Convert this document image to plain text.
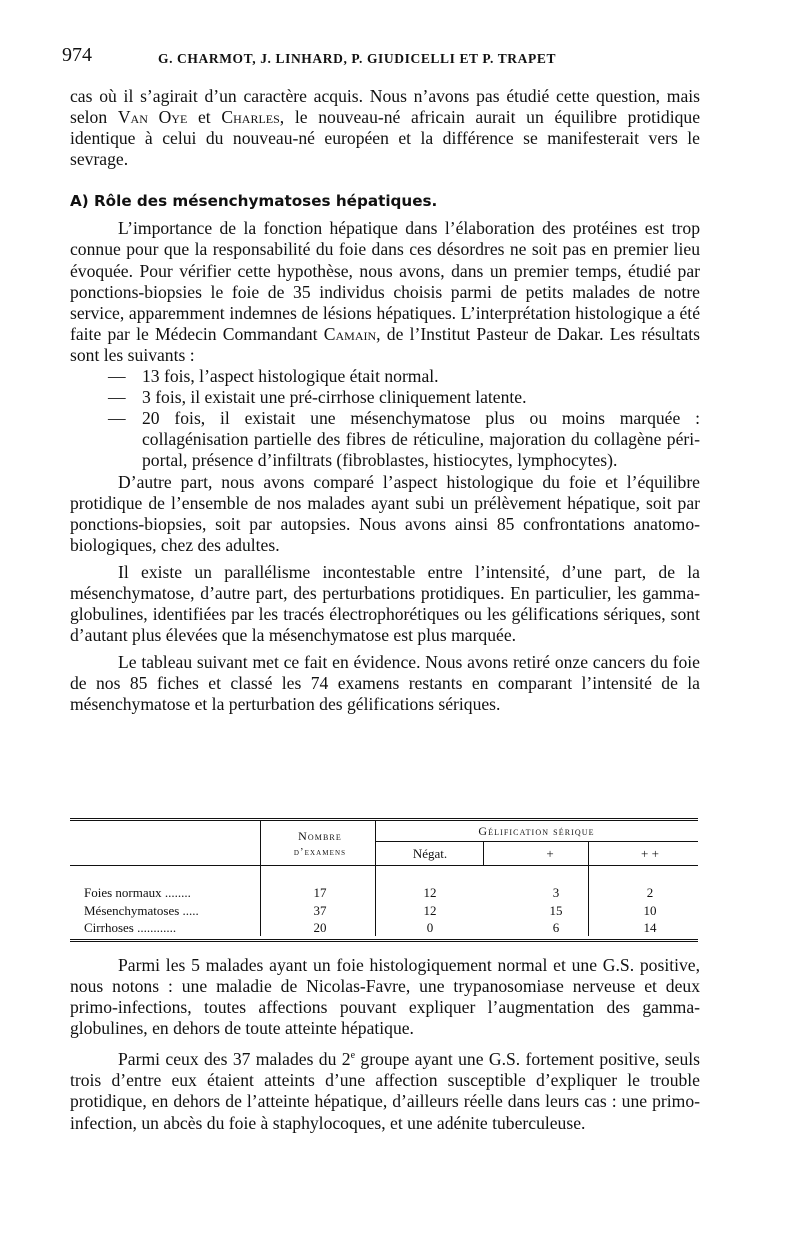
974	G. CHARMOT, J. LINHARD, P. GIUDICELLI ET P. TRAPET

cas où il s’agirait d’un caractère acquis. Nous n’avons pas étudié cette question, mais selon Van Oye et Charles, le nouveau-né africain aurait un équilibre protidique identique à celui du nouveau-né européen et la différence se manifesterait vers le sevrage.

A) Rôle des mésenchymatoses hépatiques.

L’importance de la fonction hépatique dans l’élaboration des protéines est trop connue pour que la responsabilité du foie dans ces désordres ne soit pas en premier lieu évoquée. Pour vérifier cette hypothèse, nous avons, dans un premier temps, étudié par ponctions-biopsies le foie de 35 individus choisis parmi de petits malades de notre service, apparemment indemnes de lésions hépatiques. L’interprétation histologique a été faite par le Médecin Commandant Camain, de l’Institut Pasteur de Dakar. Les résultats sont les suivants :

— 13 fois, l’aspect histologique était normal.

— 3 fois, il existait une pré-cirrhose cliniquement latente.

— 20 fois, il existait une mésenchymatose plus ou moins marquée : collagénisation partielle des fibres de réticuline, majoration du collagène péri-portal, présence d’infiltrats (fibroblastes, histiocytes, lymphocytes).

D’autre part, nous avons comparé l’aspect histologique du foie et l’équilibre protidique de l’ensemble de nos malades ayant subi un prélèvement hépatique, soit par ponctions-biopsies, soit par autopsies. Nous avons ainsi 85 confrontations anatomo-biologiques, chez des adultes.

Il existe un parallélisme incontestable entre l’intensité, d’une part, de la mésenchymatose, d’autre part, des perturbations protidiques. En particulier, les gamma-globulines, identifiées par les tracés électrophorétiques ou les gélifications sériques, sont d’autant plus élevées que la mésenchymatose est plus marquée.

Le tableau suivant met ce fait en évidence. Nous avons retiré onze cancers du foie de nos 85 fiches et classé les 74 examens restants en comparant l’intensité de la mésenchymatose et la perturbation des gélifications sériques.

Nombre
d’examens
Gélification sérique
Négat.	+	+ +
Foies normaux ........	17	12	3	2
Mésenchymatoses .....	37	12	15	10
Cirrhoses ............	20	0	6	14

Parmi les 5 malades ayant un foie histologiquement normal et une G.S. positive, nous notons : une maladie de Nicolas-Favre, une trypanosomiase nerveuse et deux primo-infections, toutes affections pouvant expliquer l’augmentation des gamma-globulines, en dehors de toute atteinte hépatique.

Parmi ceux des 37 malades du 2e groupe ayant une G.S. fortement positive, seuls trois d’entre eux étaient atteints d’une affection susceptible d’expliquer le trouble protidique, en dehors de l’atteinte hépatique, d’ailleurs réelle dans leurs cas : une primo-infection, un abcès du foie à staphylocoques, et une adénite tuberculeuse.
